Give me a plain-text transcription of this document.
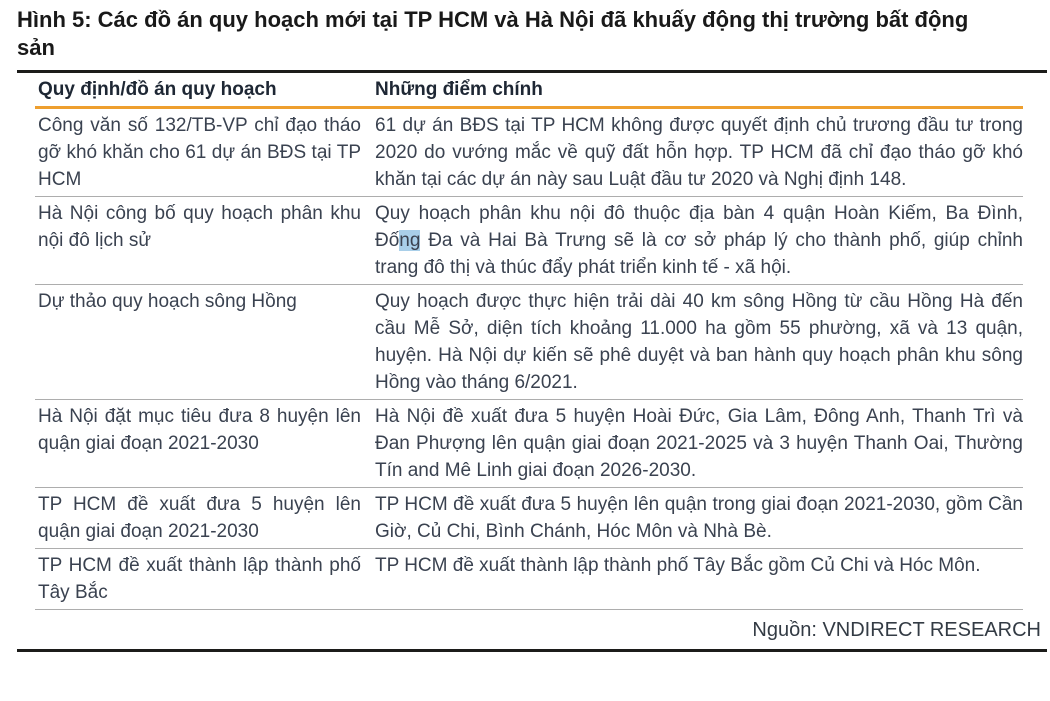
Hình 5: Các đồ án quy hoạch mới tại TP HCM và Hà Nội đã khuấy động thị trường bất động sản
Quy định/đồ án quy hoạch	Những điểm chính
Công văn số 132/TB-VP chỉ đạo tháo gỡ khó khăn cho 61 dự án BĐS tại TP HCM
61 dự án BĐS tại TP HCM không được quyết định chủ trương đầu tư trong 2020 do vướng mắc về quỹ đất hỗn hợp. TP HCM đã chỉ đạo tháo gỡ khó khăn tại các dự án này sau Luật đầu tư 2020 và Nghị định 148.
Hà Nội công bố quy hoạch phân khu nội đô lịch sử
Quy hoạch phân khu nội đô thuộc địa bàn 4 quận Hoàn Kiếm, Ba Đình, Đống Đa và Hai Bà Trưng sẽ là cơ sở pháp lý cho thành phố, giúp chỉnh trang đô thị và thúc đẩy phát triển kinh tế - xã hội.
Dự thảo quy hoạch sông Hồng	Quy hoạch được thực hiện trải dài 40 km sông Hồng từ cầu Hồng Hà đến cầu Mễ Sở, diện tích khoảng 11.000 ha gồm 55 phường, xã và 13 quận, huyện. Hà Nội dự kiến sẽ phê duyệt và ban hành quy hoạch phân khu sông Hồng vào tháng 6/2021.
Hà Nội đặt mục tiêu đưa 8 huyện lên quận giai đoạn 2021-2030
Hà Nội đề xuất đưa 5 huyện Hoài Đức, Gia Lâm, Đông Anh, Thanh Trì và Đan Phượng lên quận giai đoạn 2021-2025 và 3 huyện Thanh Oai, Thường Tín and Mê Linh giai đoạn 2026-2030.
TP HCM đề xuất đưa 5 huyện lên quận giai đoạn 2021-2030
TP HCM đề xuất đưa 5 huyện lên quận trong giai đoạn 2021-2030, gồm Cần Giờ, Củ Chi, Bình Chánh, Hóc Môn và Nhà Bè.
TP HCM đề xuất thành lập thành phố Tây Bắc
TP HCM đề xuất thành lập thành phố Tây Bắc gồm Củ Chi và Hóc Môn.
Nguồn: VNDIRECT RESEARCH
